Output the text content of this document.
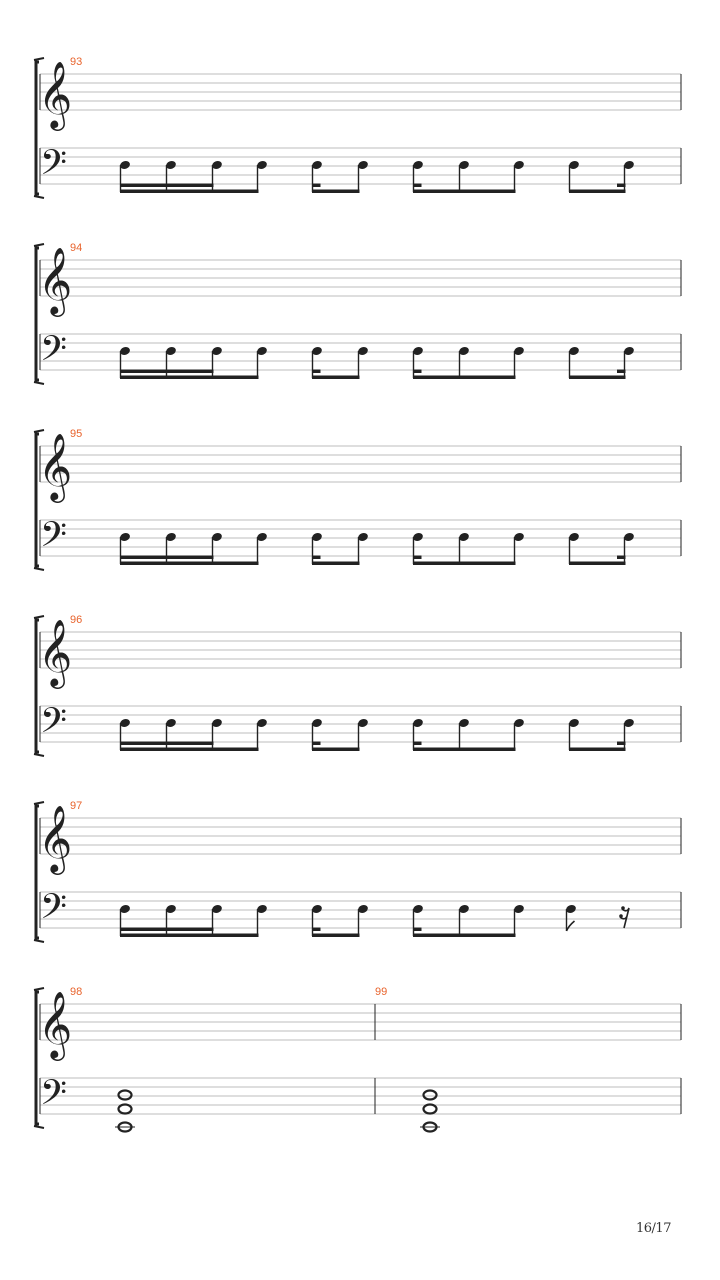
𝄞
𝄢
93
𝄞
𝄢
94
𝄞
𝄢
95
𝄞
𝄢
96
𝄞
𝄢
97
𝄞
𝄢
98	99
16/17
